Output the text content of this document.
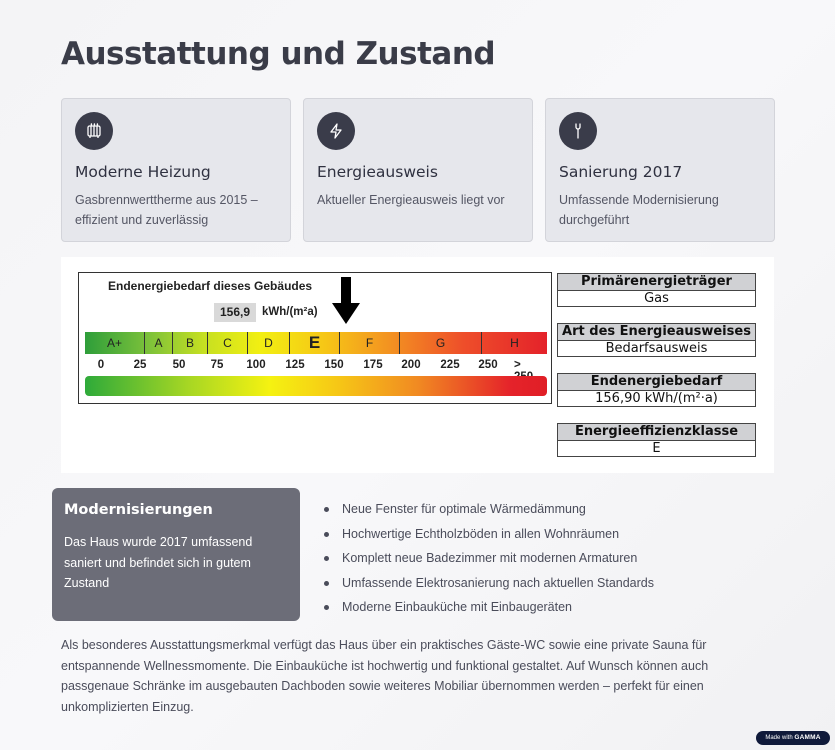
Ausstattung und Zustand
Moderne Heizung
Gasbrennwerttherme aus 2015 – effizient und zuverlässig
Energieausweis
Aktueller Energieausweis liegt vor
Sanierung 2017
Umfassende Modernisierung durchgeführt
Endenergiebedarf dieses Gebäudes
156,9	kWh/(m²a)
A+	A	B	C	D	E	F	G	H
0	25 50 75 100 125 150 175 200 225 250 >
Primärenergieträger
Gas
Art des Energieausweises
Bedarfsausweis
Endenergiebedarf
156,90 kWh/(m²·a)
Energieeffizienzklasse
E
Modernisierungen
Das Haus wurde 2017 umfassend saniert und befindet sich in gutem Zustand
Neue Fenster für optimale Wärmedämmung
Hochwertige Echtholzböden in allen Wohnräumen
Komplett neue Badezimmer mit modernen Armaturen
Umfassende Elektrosanierung nach aktuellen Standards
Moderne Einbauküche mit Einbaugeräten

Als besonderes Ausstattungsmerkmal verfügt das Haus über ein praktisches Gäste-WC sowie eine private Sauna für entspannende Wellnessmomente. Die Einbauküche ist hochwertig und funktional gestaltet. Auf Wunsch können auch passgenaue Schränke im ausgebauten Dachboden sowie weiteres Mobiliar übernommen werden – perfekt für einen unkomplizierten Einzug.

Made with GAMMA
